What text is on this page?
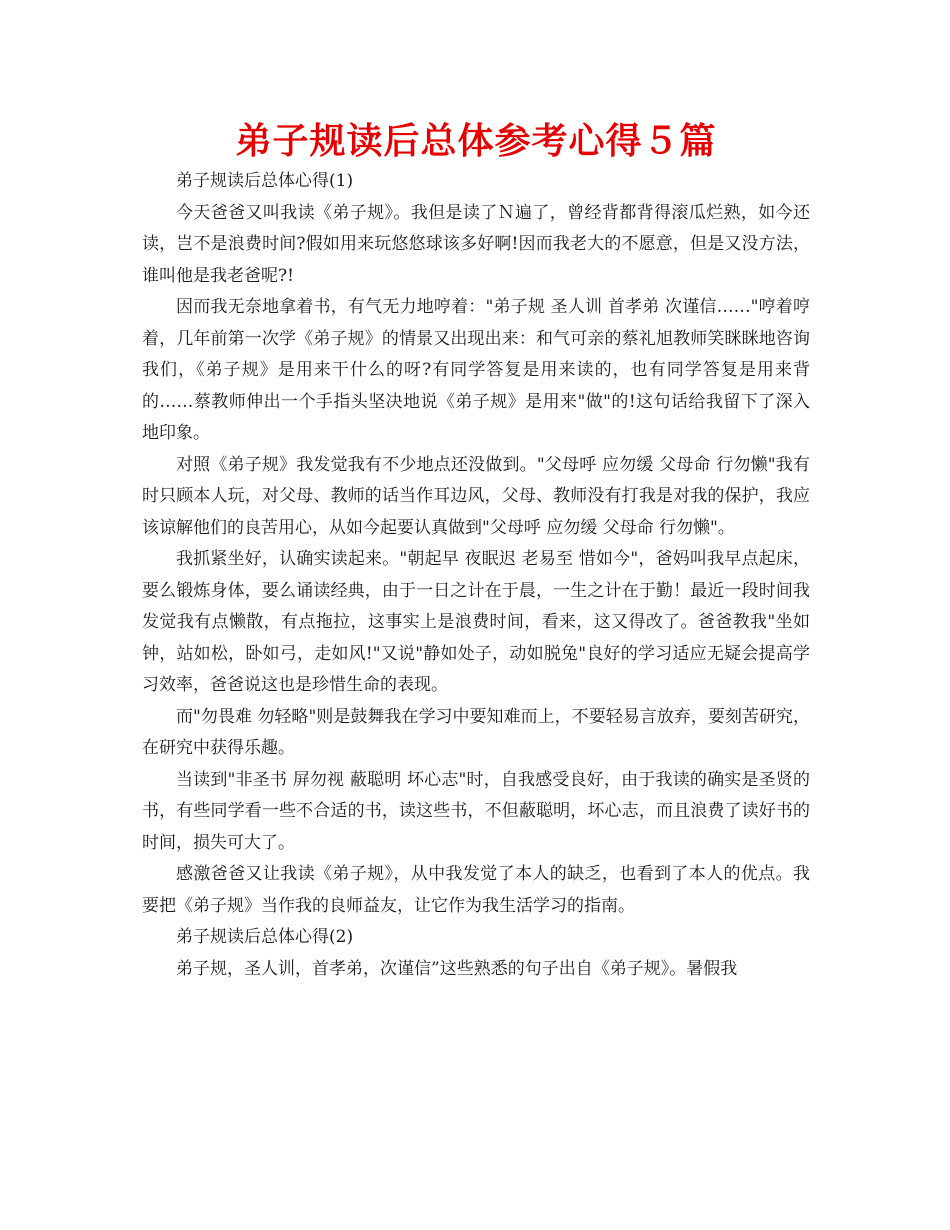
弟子规读后总体参考心得５篇

弟子规读后总体心得(1)

今天爸爸又叫我读《弟子规》。我但是读了Ｎ遍了，曾经背都背得滚瓜烂熟，如今还读，岂不是浪费时间?假如用来玩悠悠球该多好啊!因而我老大的不愿意，但是又没方法，谁叫他是我老爸呢?!

因而我无奈地拿着书，有气无力地哼着："弟子规 圣人训 首孝弟 次谨信……"哼着哼着，几年前第一次学《弟子规》的情景又出现出来：和气可亲的蔡礼旭教师笑眯眯地咨询我们，《弟子规》是用来干什么的呀?有同学答复是用来读的，也有同学答复是用来背的……蔡教师伸出一个手指头坚决地说《弟子规》是用来"做"的!这句话给我留下了深入地印象。

对照《弟子规》我发觉我有不少地点还没做到。"父母呼 应勿缓 父母命 行勿懒"我有时只顾本人玩，对父母、教师的话当作耳边风，父母、教师没有打我是对我的保护，我应该谅解他们的良苦用心，从如今起要认真做到"父母呼 应勿缓 父母命 行勿懒"。

我抓紧坐好，认确实读起来。"朝起早 夜眠迟 老易至 惜如今"，爸妈叫我早点起床，要么锻炼身体，要么诵读经典，由于一日之计在于晨，一生之计在于勤！最近一段时间我发觉我有点懒散，有点拖拉，这事实上是浪费时间，看来，这又得改了。爸爸教我"坐如钟，站如松，卧如弓，走如风!"又说"静如处子，动如脱兔"良好的学习适应无疑会提高学习效率，爸爸说这也是珍惜生命的表现。

而"勿畏难 勿轻略"则是鼓舞我在学习中要知难而上，不要轻易言放弃，要刻苦研究，在研究中获得乐趣。

当读到"非圣书 屏勿视 蔽聪明 坏心志"时，自我感受良好，由于我读的确实是圣贤的书，有些同学看一些不合适的书，读这些书，不但蔽聪明，坏心志，而且浪费了读好书的时间，损失可大了。

感激爸爸又让我读《弟子规》，从中我发觉了本人的缺乏，也看到了本人的优点。我要把《弟子规》当作我的良师益友，让它作为我生活学习的指南。

弟子规读后总体心得(2)

弟子规，圣人训，首孝弟，次谨信”这些熟悉的句子出自《弟子规》。暑假我
